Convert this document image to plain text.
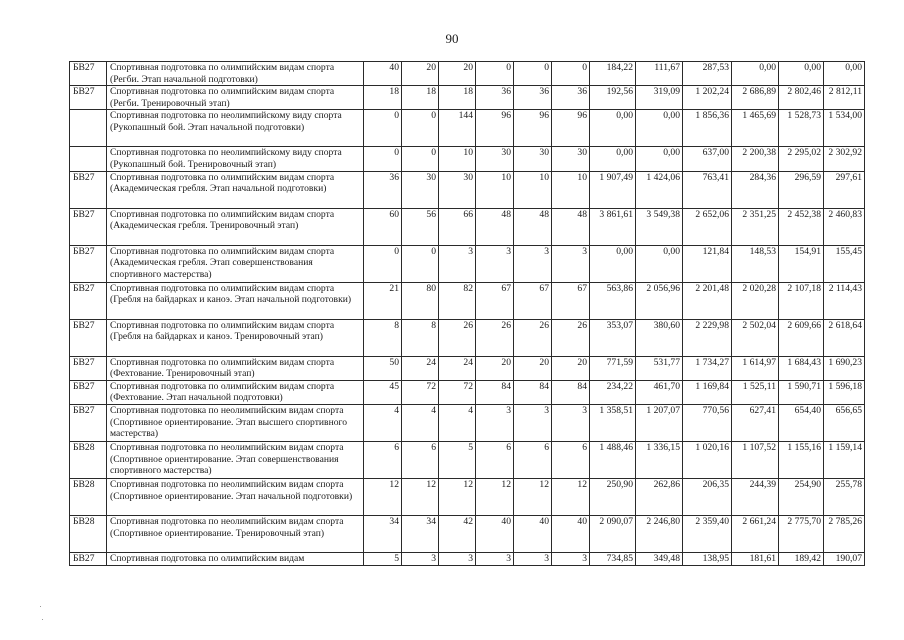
90
БВ27	Спортивная подготовка по олимпийским видам спорта (Регби. Этап начальной подготовки)	40	20	20	0	0	0	184,22	111,67	287,53	0,00	0,00	0,00
БВ27	Спортивная подготовка по олимпийским видам спорта (Регби. Тренировочный этап)	18	18	18	36	36	36	192,56	319,09	1 202,24	2 686,89	2 802,46	2 812,11
	Спортивная подготовка по неолимпийскому виду спорта (Рукопашный бой. Этап начальной подготовки)	0	0	144	96	96	96	0,00	0,00	1 856,36	1 465,69	1 528,73	1 534,00
	Спортивная подготовка по неолимпийскому виду спорта (Рукопашный бой. Тренировочный этап)	0	0	10	30	30	30	0,00	0,00	637,00	2 200,38	2 295,02	2 302,92
БВ27	Спортивная подготовка по олимпийским видам спорта (Академическая гребля. Этап начальной подготовки)	36	30	30	10	10	10	1 907,49	1 424,06	763,41	284,36	296,59	297,61
БВ27	Спортивная подготовка по олимпийским видам спорта (Академическая гребля. Тренировочный этап)	60	56	66	48	48	48	3 861,61	3 549,38	2 652,06	2 351,25	2 452,38	2 460,83
БВ27	Спортивная подготовка по олимпийским видам спорта (Академическая гребля. Этап совершенствования спортивного мастерства)	0	0	3	3	3	3	0,00	0,00	121,84	148,53	154,91	155,45
БВ27	Спортивная подготовка по олимпийским видам спорта (Гребля на байдарках и каноэ. Этап начальной подготовки)	21	80	82	67	67	67	563,86	2 056,96	2 201,48	2 020,28	2 107,18	2 114,43
БВ27	Спортивная подготовка по олимпийским видам спорта (Гребля на байдарках и каноэ. Тренировочный этап)	8	8	26	26	26	26	353,07	380,60	2 229,98	2 502,04	2 609,66	2 618,64
БВ27	Спортивная подготовка по олимпийским видам спорта (Фехтование. Тренировочный этап)	50	24	24	20	20	20	771,59	531,77	1 734,27	1 614,97	1 684,43	1 690,23
БВ27	Спортивная подготовка по олимпийским видам спорта (Фехтование. Этап начальной подготовки)	45	72	72	84	84	84	234,22	461,70	1 169,84	1 525,11	1 590,71	1 596,18
БВ27	Спортивная подготовка по неолимпийским видам спорта (Спортивное ориентирование. Этап высшего спортивного мастерства)	4	4	4	3	3	3	1 358,51	1 207,07	770,56	627,41	654,40	656,65
БВ28	Спортивная подготовка по неолимпийским видам спорта (Спортивное ориентирование. Этап совершенствования спортивного мастерства)	6	6	5	6	6	6	1 488,46	1 336,15	1 020,16	1 107,52	1 155,16	1 159,14
БВ28	Спортивная подготовка по неолимпийским видам спорта (Спортивное ориентирование. Этап начальной подготовки)	12	12	12	12	12	12	250,90	262,86	206,35	244,39	254,90	255,78
БВ28	Спортивная подготовка по неолимпийским видам спорта (Спортивное ориентирование. Тренировочный этап)	34	34	42	40	40	40	2 090,07	2 246,80	2 359,40	2 661,24	2 775,70	2 785,26
БВ27	Спортивная подготовка по олимпийским видам	5	3	3	3	3	3	734,85	349,48	138,95	181,61	189,42	190,07
